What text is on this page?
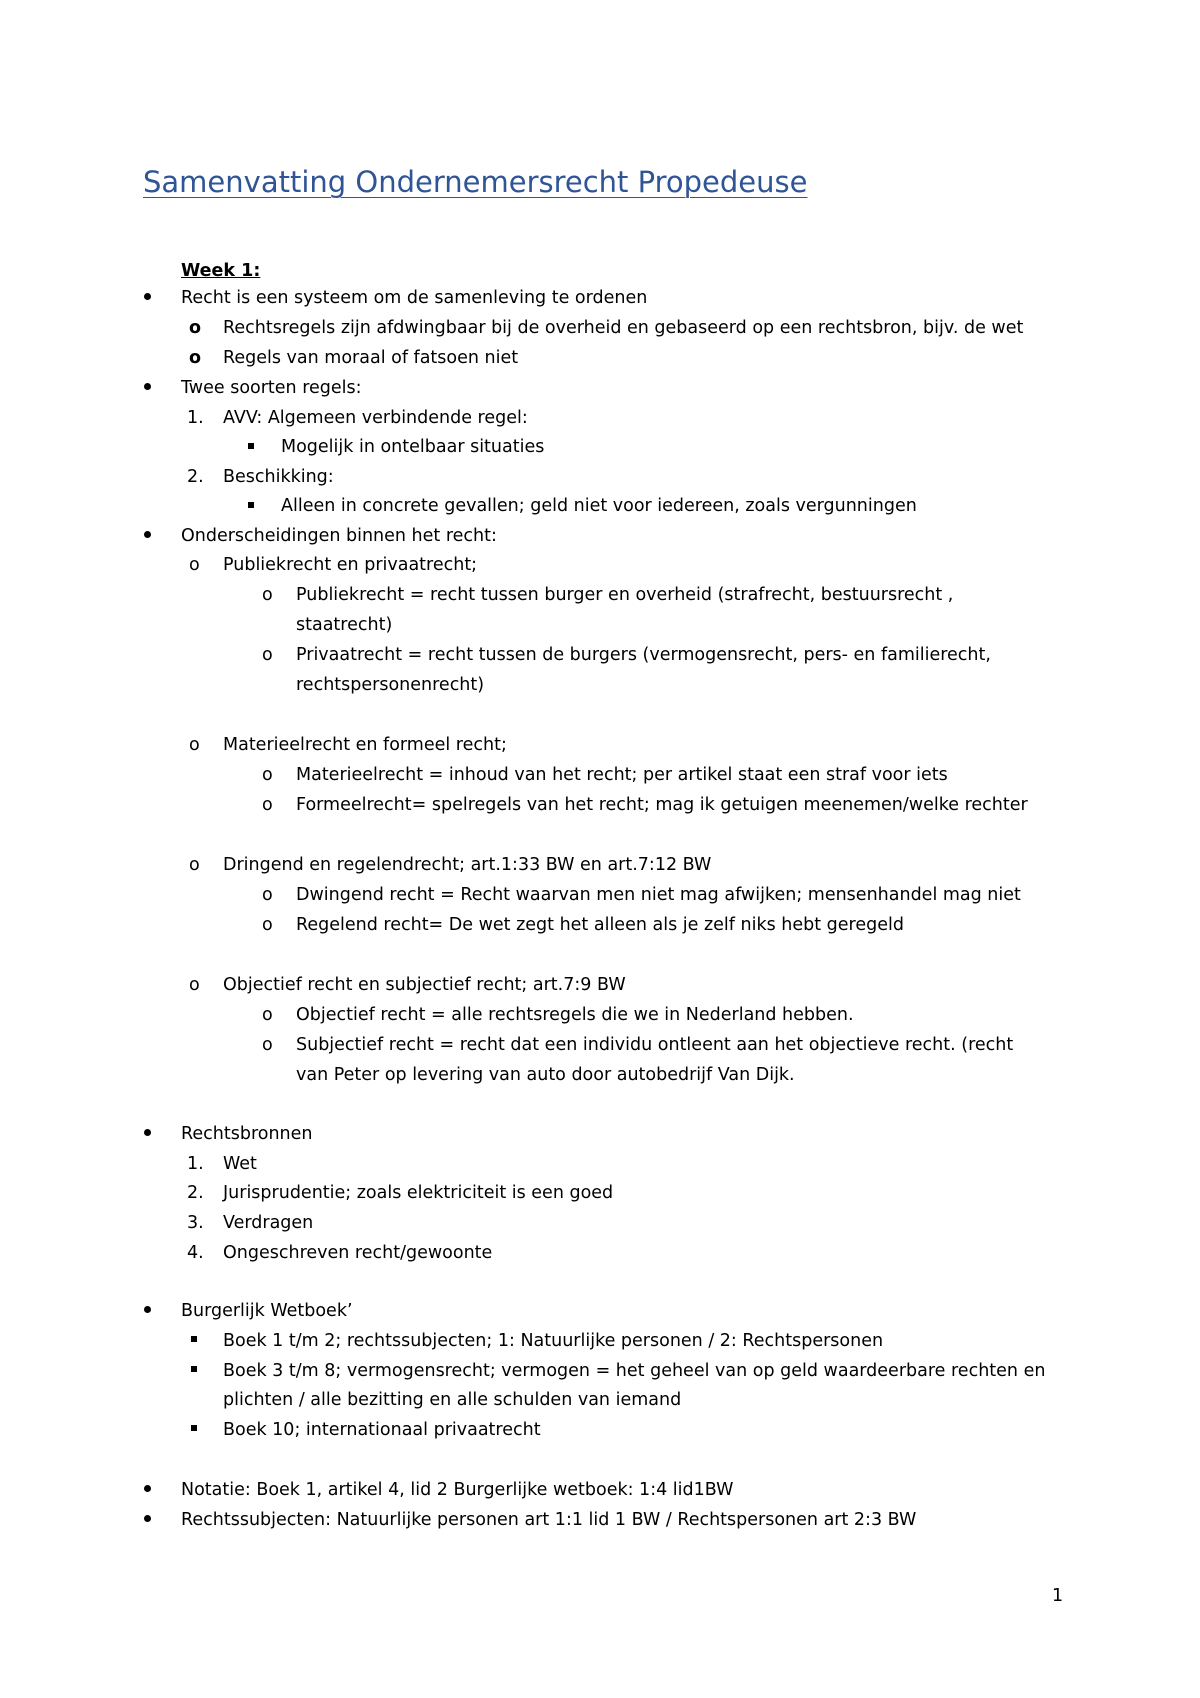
Samenvatting Ondernemersrecht Propedeuse
Week 1:
Recht is een systeem om de samenleving te ordenen
o Rechtsregels zijn afdwingbaar bij de overheid en gebaseerd op een rechtsbron, bijv. de wet
o Regels van moraal of fatsoen niet
Twee soorten regels:
1. AVV: Algemeen verbindende regel:
Mogelijk in ontelbaar situaties
2. Beschikking:
Alleen in concrete gevallen; geld niet voor iedereen, zoals vergunningen
Onderscheidingen binnen het recht:
o Publiekrecht en privaatrecht;
o Publiekrecht = recht tussen burger en overheid (strafrecht, bestuursrecht ,
staatrecht)
o Privaatrecht = recht tussen de burgers (vermogensrecht, pers- en familierecht,
rechtspersonenrecht)
o Materieelrecht en formeel recht;
o Materieelrecht = inhoud van het recht; per artikel staat een straf voor iets
o Formeelrecht= spelregels van het recht; mag ik getuigen meenemen/welke rechter
o Dringend en regelendrecht; art.1:33 BW en art.7:12 BW
o Dwingend recht = Recht waarvan men niet mag afwijken; mensenhandel mag niet
o Regelend recht= De wet zegt het alleen als je zelf niks hebt geregeld
o Objectief recht en subjectief recht; art.7:9 BW
o Objectief recht = alle rechtsregels die we in Nederland hebben.
o Subjectief recht = recht dat een individu ontleent aan het objectieve recht. (recht
van Peter op levering van auto door autobedrijf Van Dijk.
Rechtsbronnen
1. Wet
2. Jurisprudentie; zoals elektriciteit is een goed
3. Verdragen
4. Ongeschreven recht/gewoonte
Burgerlijk Wetboek’
Boek 1 t/m 2; rechtssubjecten; 1: Natuurlijke personen / 2: Rechtspersonen
Boek 3 t/m 8; vermogensrecht; vermogen = het geheel van op geld waardeerbare rechten en
plichten / alle bezitting en alle schulden van iemand
Boek 10; internationaal privaatrecht
Notatie: Boek 1, artikel 4, lid 2 Burgerlijke wetboek: 1:4 lid1BW
Rechtssubjecten: Natuurlijke personen art 1:1 lid 1 BW / Rechtspersonen art 2:3 BW
1
